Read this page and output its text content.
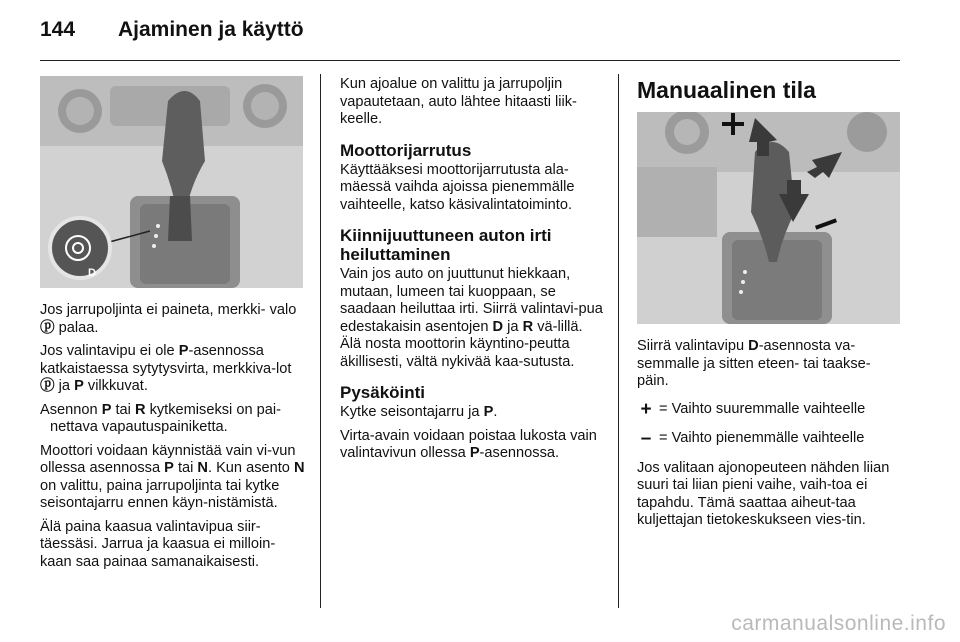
144 Ajaminen ja käyttö
D

Jos jarrupoljinta ei paineta, merkki- valo ⓟ palaa.

Jos valintavipu ei ole P-asennossa katkaistaessa sytytysvirta, merkkiva-lot ⓟ ja P vilkkuvat.

Asennon P tai R kytkemiseksi on pai-nettava vapautuspainiketta.

Moottori voidaan käynnistää vain vi-vun ollessa asennossa P tai N. Kun asento N on valittu, paina jarrupoljinta tai kytke seisontajarru ennen käyn-nistämistä.

Älä paina kaasua valintavipua siir-täessäsi. Jarrua ja kaasua ei milloin-kaan saa painaa samanaikaisesti.

Kun ajoalue on valittu ja jarrupoljin vapautetaan, auto lähtee hitaasti liik-keelle.

Moottorijarrutus

Käyttääksesi moottorijarrutusta ala-mäessä vaihda ajoissa pienemmälle vaihteelle, katso käsivalintatoiminto.

Kiinnijuuttuneen auton irti heiluttaminen

Vain jos auto on juuttunut hiekkaan, mutaan, lumeen tai kuoppaan, se saadaan heiluttaa irti. Siirrä valintavi-pua edestakaisin asentojen D ja R vä-lillä. Älä nosta moottorin käyntino-peutta äkillisesti, vältä nykivää kaa-sutusta.

Pysäköinti

Kytke seisontajarru ja P.

Virta-avain voidaan poistaa lukosta vain valintavivun ollessa P-asennossa.

Manuaalinen tila

Siirrä valintavipu D-asennosta va-semmalle ja sitten eteen- tai taakse-päin.

+ = Vaihto suuremmalle vaihteelle
– = Vaihto pienemmälle vaihteelle

Jos valitaan ajonopeuteen nähden liian suuri tai liian pieni vaihe, vaih-toa ei tapahdu. Tämä saattaa aiheut-taa kuljettajan tietokeskukseen vies-tin.

carmanualsonline.info
